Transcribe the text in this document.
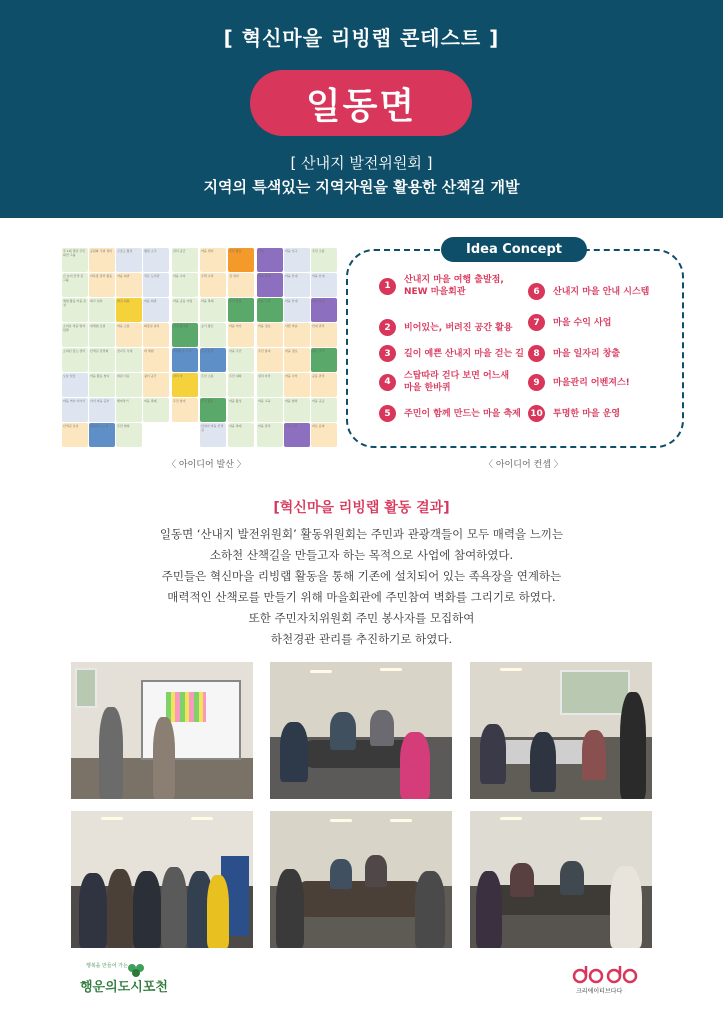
[ 혁신마을 리빙랩 콘테스트 ]
일동면
[ 산내지 발전위원회 ]
지역의 특색있는 지역자원을 활용한 산책길 개발
주 1회 면담 주민의견 그룹
큰 놀이 산책 길 그룹
체험 활동 마을 조성
소비유 마을 발자 탐방
소외된 장소 정리
오늘 일들
마을 역사 이야기
산책길 조성
공원화 주변 정비
자욕장 관리 활동
데크 설치
새체험 로컬
산책길 전경화
마을 활동 참여
아이 마을 공부
체험학교 구성
구조도 활성
마을 회관
발전 위원
마을 소통
꽃나무 식재
대원 이운
해바라기
주민 협의
행원 소주
작은 도서관
마을 회관
화장실 설치
바 체험
쉼터 공간
마을 축제
관리 공간
마을 수익
마을 공동 사업
산책 활성화
체험학교 구성
관리 자
주민 참여
마을 센터
주택 수리
마을 축제
공기 좋은
주민 합작
주민 소통
주민 활동
산내지 마을 산책길
주민 활동
집 정비
수익 창출
마을 역사
마을 주민
주민 대회
마을 활성
마을 축제
안내
마을 안내
마을 구축
마을 정보
주민 참여
설치 자리
마을 교육
마을 관리
마을 입구
마을 안내
마을 안내
사람 마을
마을 정보
마을 수익
마을 협력
주민 소통
주민 소통
마을 안내
마을 안내
안내 관리
화분 관리
공동 관리
마을 공공
바로 운영
〈 아이디어 발산 〉
Idea Concept
1
산내지 마을 여행 출발점,
NEW 마을회관
2	비어있는, 버려진 공간 활용
3	길이 예쁜 산내지 마을 걷는 길
4
스탑따라 걷다 보면 어느새
마을 한바퀴
5	주민이 함께 만드는 마을 축제
6	산내지 마을 안내 시스템
7	마을 수익 사업
8	마을 일자리 창출
9	마을관리 어벤져스!
10 투명한 마을 운영
〈 아이디어 컨셉 〉
[혁신마을 리빙랩 활동 결과]

일동면 ‘산내지 발전위원회’ 활동위원회는 주민과 관광객들이 모두 매력을 느끼는

소하천 산책길을 만들고자 하는 목적으로 사업에 참여하였다.

주민들은 혁신마을 리빙랩 활동을 통해 기존에 설치되어 있는 족욕장을 연계하는

매력적인 산책로를 만들기 위해 마을회관에 주민참여 벽화를 그리기로 하였다.

또한 주민자치위원회 주민 봉사자를 모집하여

하천경관 관리를 추진하기로 하였다.

행복을 만들어 가는
행운의도시포천	크리에이티브다다
